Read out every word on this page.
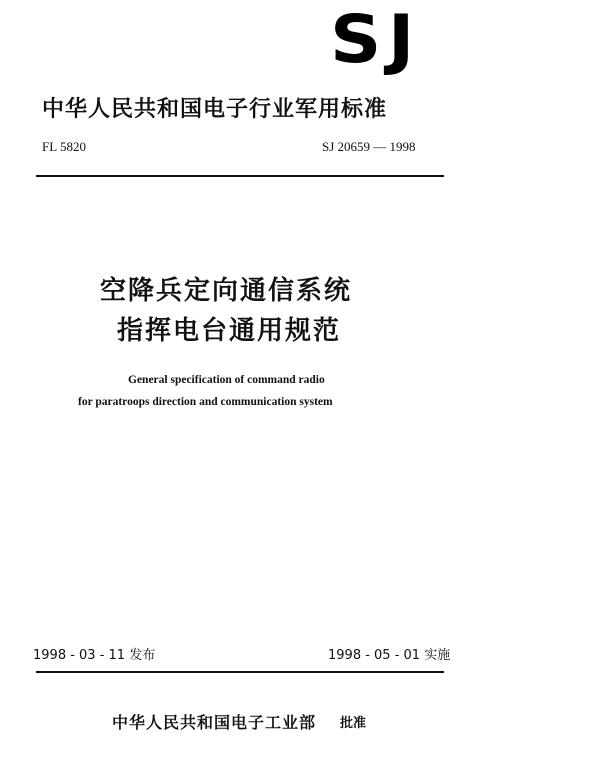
SJ
中华人民共和国电子行业军用标准
FL 5820	SJ 20659 — 1998
空降兵定向通信系统
指挥电台通用规范
General specification of command radio
for paratroops direction and communication system
1998 - 03 - 11 发布	1998 - 05 - 01 实施
中华人民共和国电子工业部 批准
